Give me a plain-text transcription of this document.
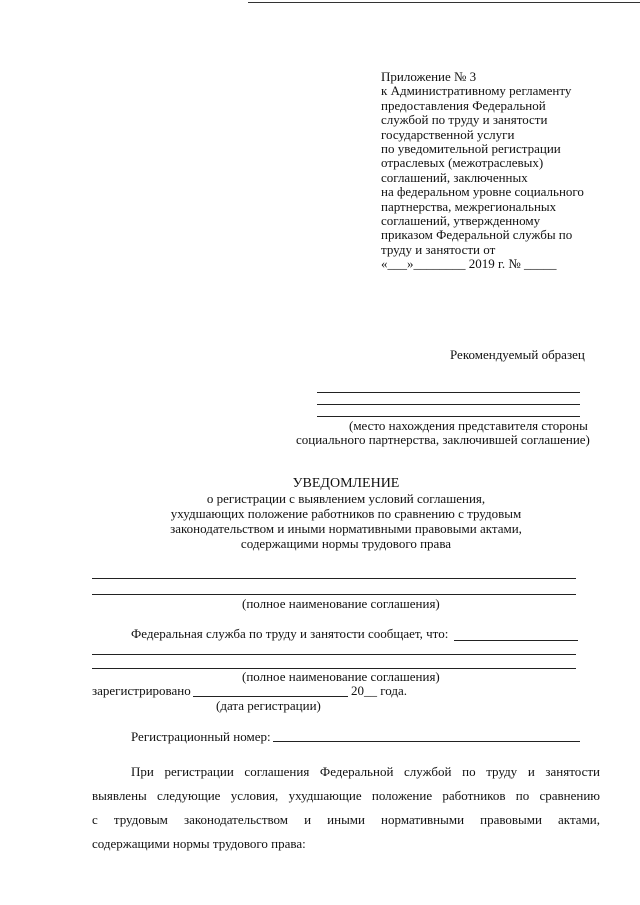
Приложение № 3
к Административному регламенту
предоставления Федеральной
службой по труду и занятости
государственной услуги
по уведомительной регистрации
отраслевых (межотраслевых)
соглашений, заключенных
на федеральном уровне социального
партнерства, межрегиональных
соглашений, утвержденному
приказом Федеральной службы по
труду и занятости от
«___»________ 2019 г. № _____
Рекомендуемый образец
(место нахождения представителя стороны
социального партнерства, заключившей соглашение)
УВЕДОМЛЕНИЕ
о регистрации с выявлением условий соглашения,
ухудшающих положение работников по сравнению с трудовым
законодательством и иными нормативными правовыми актами,
содержащими нормы трудового права
(полное наименование соглашения)
Федеральная служба по труду и занятости сообщает, что:
(полное наименование соглашения)
зарегистрировано	20__ года.
(дата регистрации)
Регистрационный номер:
При регистрации соглашения Федеральной службой по труду и занятости
выявлены следующие условия, ухудшающие положение работников по сравнению
с трудовым законодательством и иными нормативными правовыми актами,
содержащими нормы трудового права:
